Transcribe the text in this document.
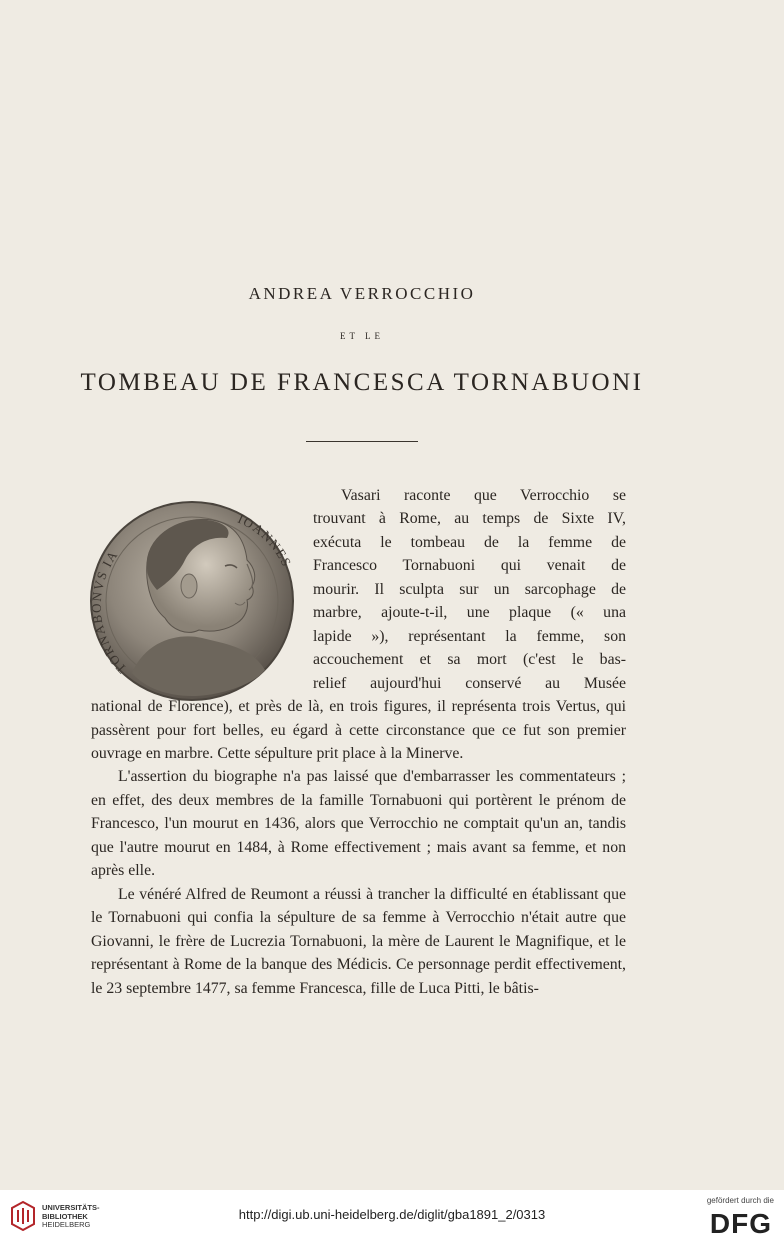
ANDREA VERROCCHIO
ET LE
TOMBEAU DE FRANCESCA TORNABUONI
TORNABONVS IA
IOANNES
Vasari raconte que Verrocchio se
trouvant à Rome, au temps de Sixte IV,
exécuta le tombeau de la femme de
Francesco Tornabuoni qui venait de
mourir. Il sculpta sur un sarcophage de
marbre, ajoute-t-il, une plaque (« una
lapide »), représentant la femme, son
accouchement et sa mort (c'est le bas-
relief aujourd'hui conservé au Musée

national de Florence), et près de là, en trois figures, il représenta trois Vertus, qui passèrent pour fort belles, eu égard à cette circonstance que ce fut son premier ouvrage en marbre. Cette sépulture prit place à la Minerve.

L'assertion du biographe n'a pas laissé que d'embarrasser les commentateurs ; en effet, des deux membres de la famille Tornabuoni qui portèrent le prénom de Francesco, l'un mourut en 1436, alors que Verrocchio ne comptait qu'un an, tandis que l'autre mourut en 1484, à Rome effectivement ; mais avant sa femme, et non après elle.

Le vénéré Alfred de Reumont a réussi à trancher la difficulté en établissant que le Tornabuoni qui confia la sépulture de sa femme à Verrocchio n'était autre que Giovanni, le frère de Lucrezia Tornabuoni, la mère de Laurent le Magnifique, et le représentant à Rome de la banque des Médicis. Ce personnage perdit effectivement, le 23 septembre 1477, sa femme Francesca, fille de Luca Pitti, le bâtis-

UNIVERSITÄTS-
BIBLIOTHEK
HEIDELBERG
http://digi.ub.uni-heidelberg.de/diglit/gba1891_2/0313
gefördert durch die
DFG
